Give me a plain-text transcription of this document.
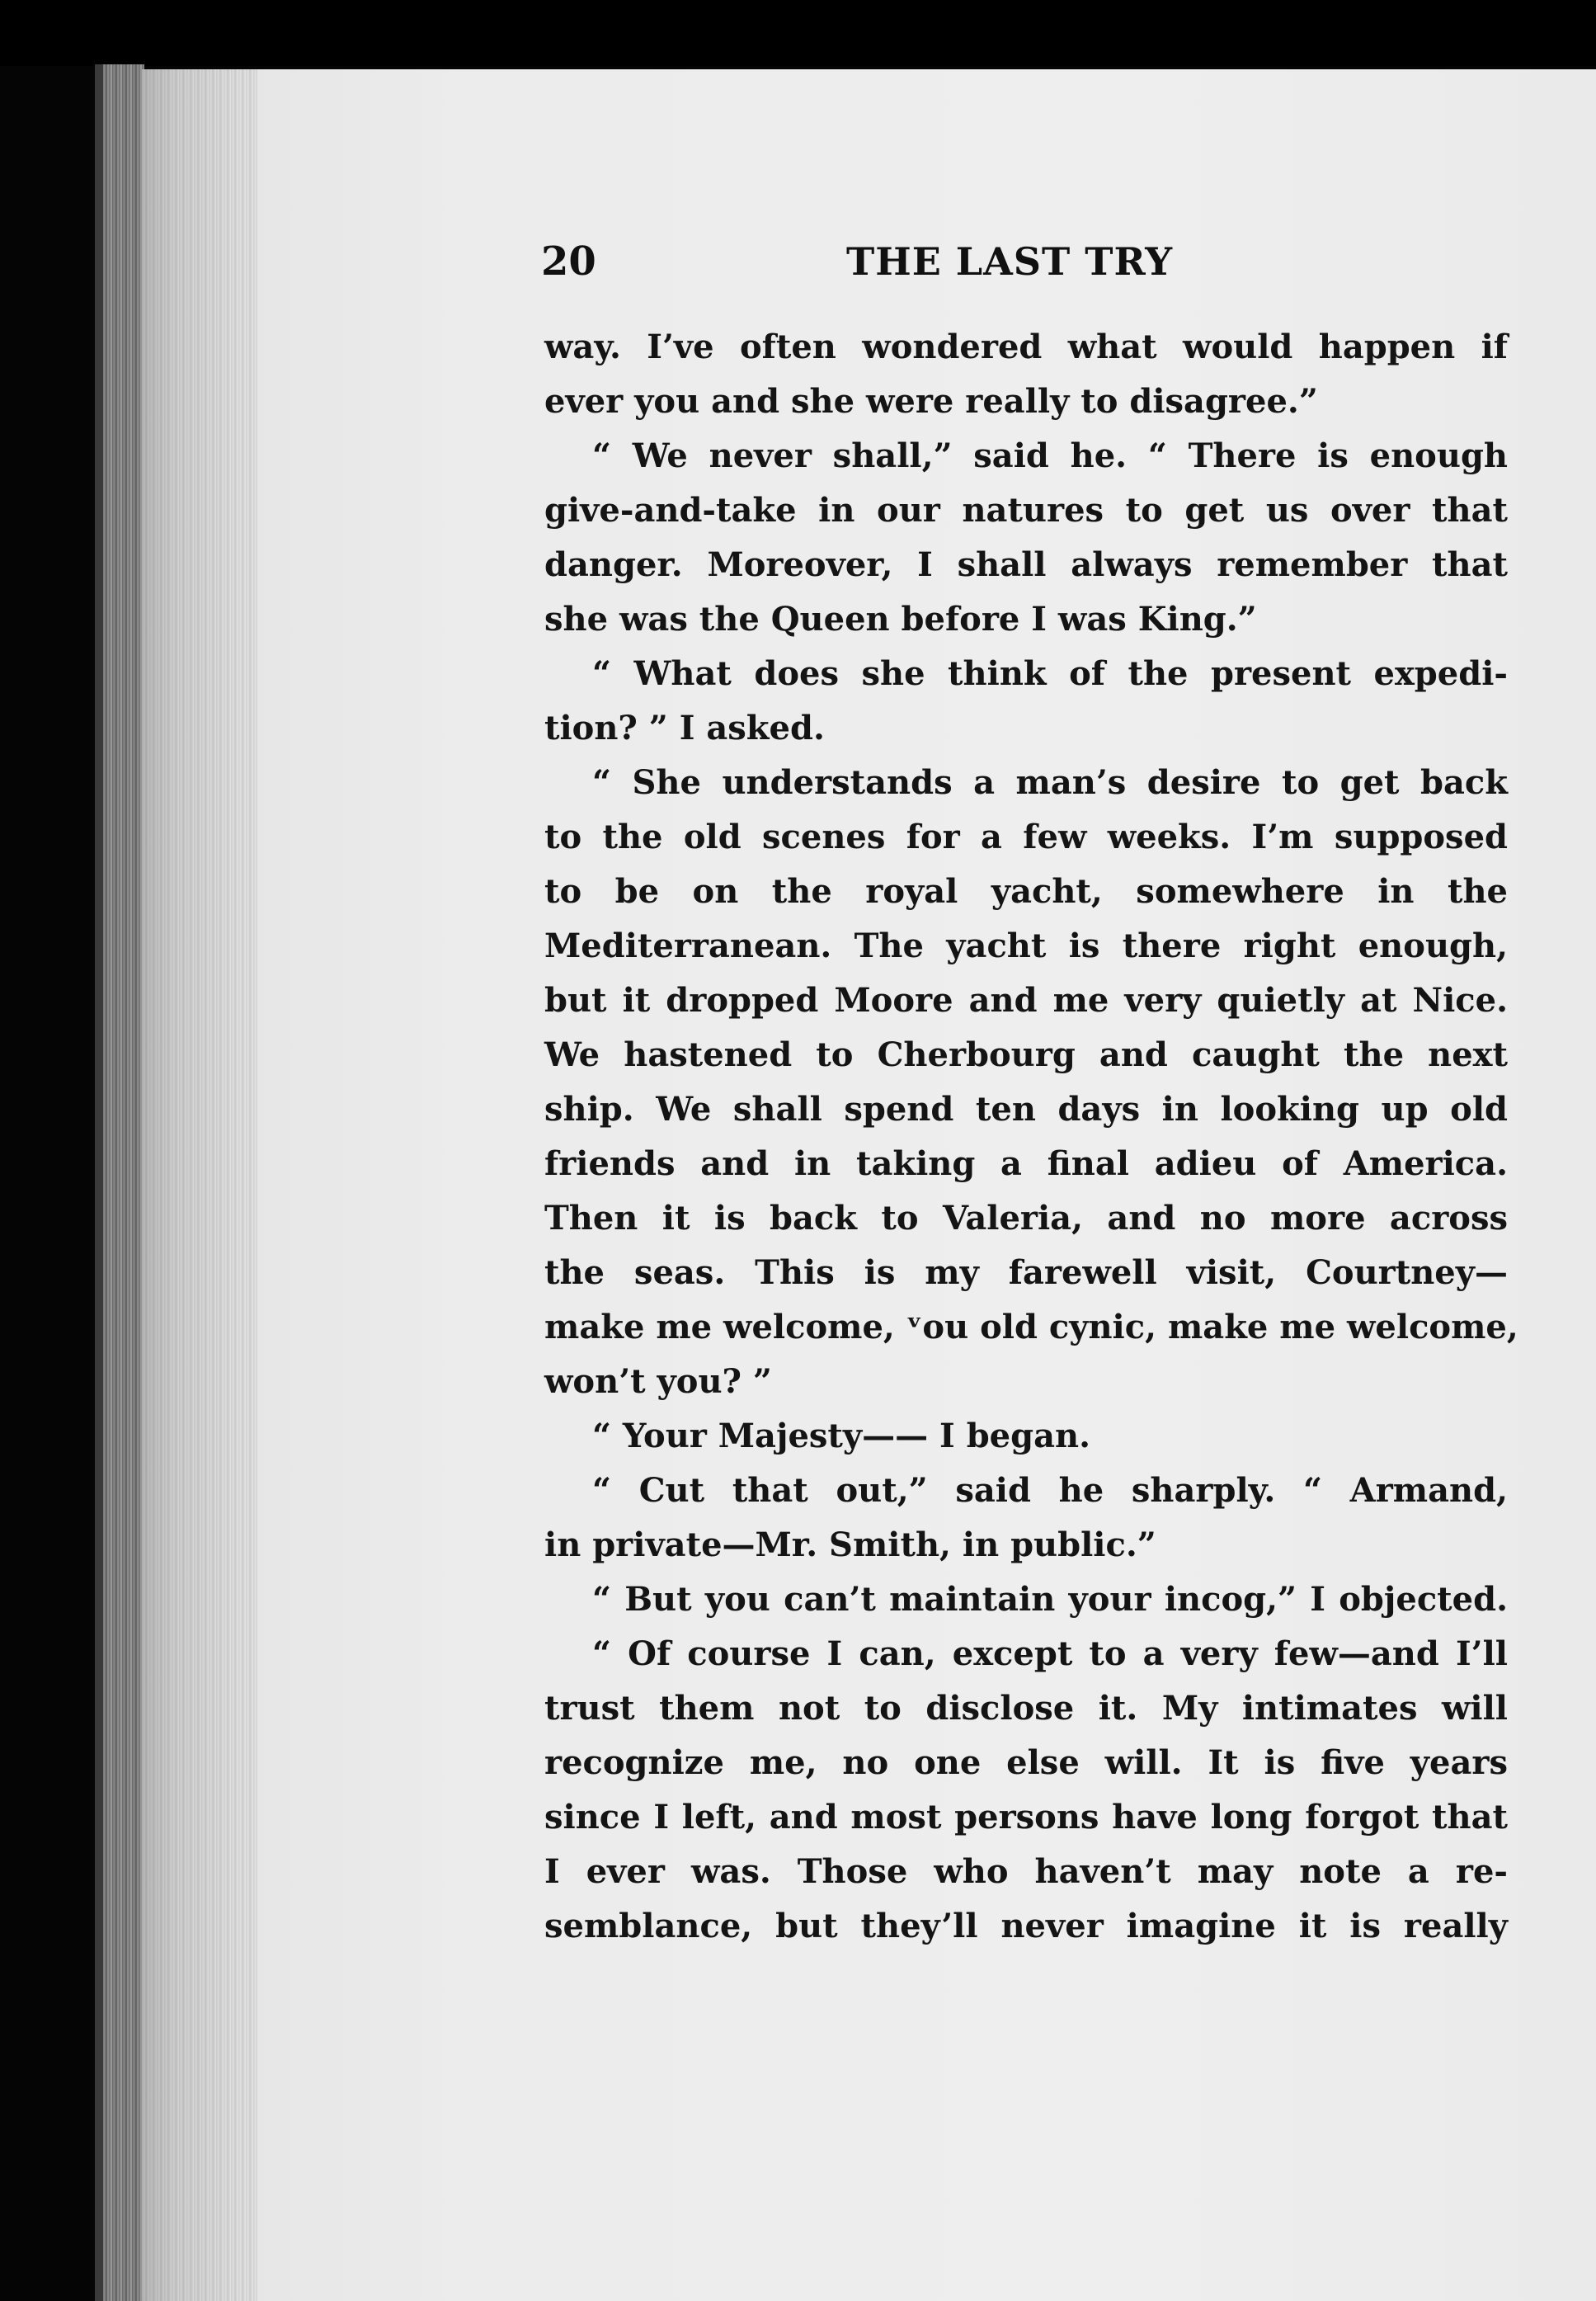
20	THE LAST TRY
way. I’ve often wondered what would happen if
ever you and she were really to disagree.”
“ We never shall,” said he. “ There is enough
give-and-take in our natures to get us over that
danger. Moreover, I shall always remember that
she was the Queen before I was King.”
“ What does she think of the present expedi-
tion? ” I asked.
“ She understands a man’s desire to get back
to the old scenes for a few weeks. I’m supposed
to be on the royal yacht, somewhere in the
Mediterranean. The yacht is there right enough,
but it dropped Moore and me very quietly at Nice.
We hastened to Cherbourg and caught the next
ship. We shall spend ten days in looking up old
friends and in taking a final adieu of America.
Then it is back to Valeria, and no more across
the seas. This is my farewell visit, Courtney—
make me welcome, ᵛou old cynic, make me welcome,
won’t you? ”
“ Your Majesty—— I began.
“ Cut that out,” said he sharply. “ Armand,
in private—Mr. Smith, in public.”
“ But you can’t maintain your incog,” I objected.
“ Of course I can, except to a very few—and I’ll
trust them not to disclose it. My intimates will
recognize me, no one else will. It is five years
since I left, and most persons have long forgot that
I ever was. Those who haven’t may note a re-
semblance, but they’ll never imagine it is really
